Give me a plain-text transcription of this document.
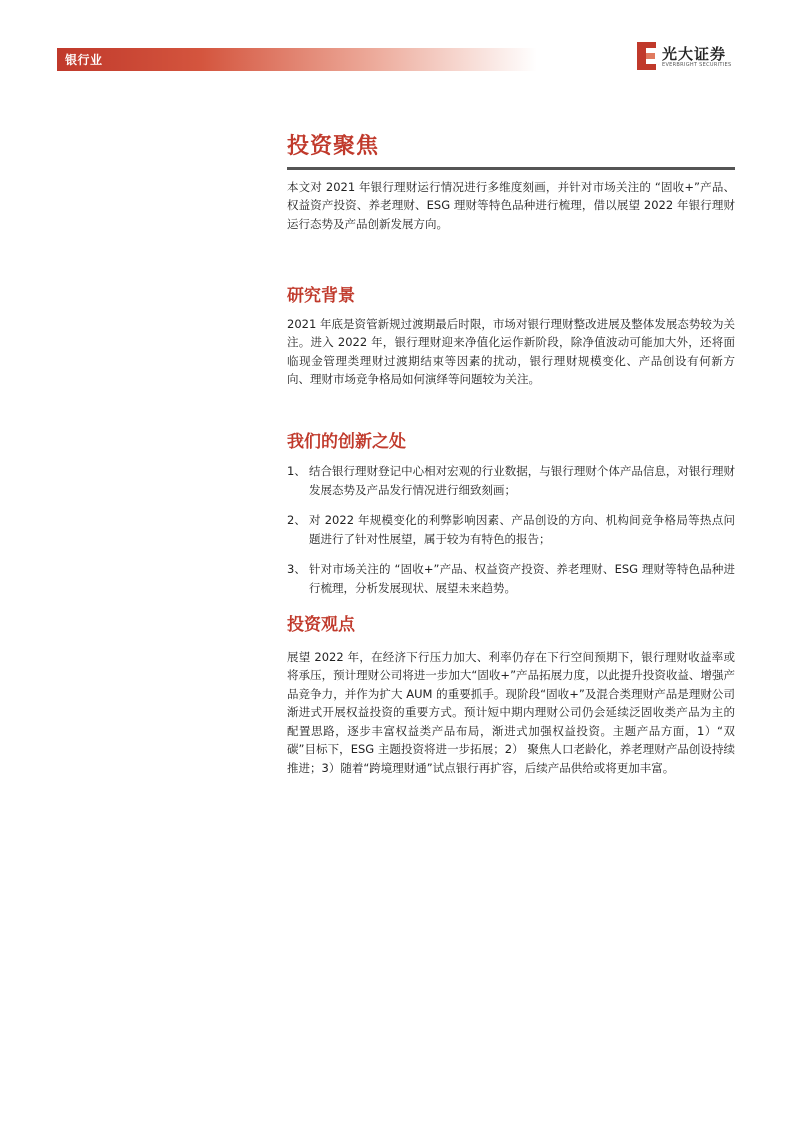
银行业	光大证券
EVERBRIGHT SECURITIES
投资聚焦

本文对 2021 年银行理财运行情况进行多维度刻画，并针对市场关注的 “固收+”产品、权益资产投资、养老理财、ESG 理财等特色品种进行梳理，借以展望 2022 年银行理财运行态势及产品创新发展方向。

研究背景

2021 年底是资管新规过渡期最后时限，市场对银行理财整改进展及整体发展态势较为关注。进入 2022 年，银行理财迎来净值化运作新阶段，除净值波动可能加大外，还将面临现金管理类理财过渡期结束等因素的扰动，银行理财规模变化、产品创设有何新方向、理财市场竞争格局如何演绎等问题较为关注。

我们的创新之处
1、 结合银行理财登记中心相对宏观的行业数据，与银行理财个体产品信息，对银行理财发展态势及产品发行情况进行细致刻画；
2、 对 2022 年规模变化的利弊影响因素、产品创设的方向、机构间竞争格局等热点问题进行了针对性展望，属于较为有特色的报告；
3、 针对市场关注的 “固收+”产品、权益资产投资、养老理财、ESG 理财等特色品种进行梳理，分析发展现状、展望未来趋势。
投资观点

展望 2022 年，在经济下行压力加大、利率仍存在下行空间预期下，银行理财收益率或将承压，预计理财公司将进一步加大“固收+”产品拓展力度，以此提升投资收益、增强产品竞争力，并作为扩大 AUM 的重要抓手。现阶段“固收+”及混合类理财产品是理财公司渐进式开展权益投资的重要方式。预计短中期内理财公司仍会延续泛固收类产品为主的配置思路，逐步丰富权益类产品布局，渐进式加强权益投资。主题产品方面，1）“双碳”目标下，ESG 主题投资将进一步拓展；2） 聚焦人口老龄化，养老理财产品创设持续推进；3）随着“跨境理财通”试点银行再扩容，后续产品供给或将更加丰富。
